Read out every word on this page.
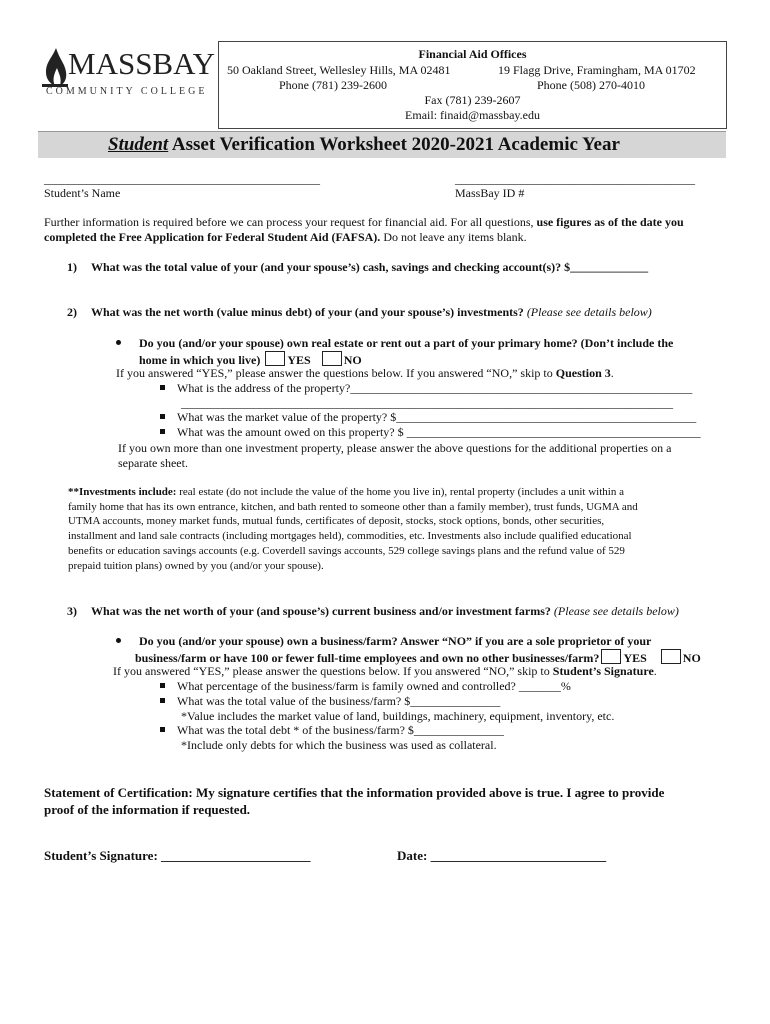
MASSBAY
COMMUNITY COLLEGE
Financial Aid Offices
50 Oakland Street, Wellesley Hills, MA 02481	19 Flagg Drive, Framingham, MA 01702
Phone (781) 239-2600	Phone (508) 270-4010
Fax (781) 239-2607
Email: finaid@massbay.edu
Student Asset Verification Worksheet 2020-2021 Academic Year
______________________________________________
Student’s Name
________________________________________
MassBay ID #
Further information is required before we can process your request for financial aid. For all questions, use figures as of the date you
completed the Free Application for Federal Student Aid (FAFSA). Do not leave any items blank.
1) What was the total value of your (and your spouse’s) cash, savings and checking account(s)? $_____________
2) What was the net worth (value minus debt) of your (and your spouse’s) investments? (Please see details below)
Do you (and/or your spouse) own real estate or rent out a part of your primary home? (Don’t include the
home in which you live) YES	NO
If you answered “YES,” please answer the questions below. If you answered “NO,” skip to Question 3.
What is the address of the property?_________________________________________________________
__________________________________________________________________________________
What was the market value of the property? $__________________________________________________
What was the amount owed on this property? $ _________________________________________________
If you own more than one investment property, please answer the above questions for the additional properties on a
separate sheet.
**Investments include: real estate (do not include the value of the home you live in), rental property (includes a unit within a
family home that has its own entrance, kitchen, and bath rented to someone other than a family member), trust funds, UGMA and
UTMA accounts, money market funds, mutual funds, certificates of deposit, stocks, stock options, bonds, other securities,
installment and land sale contracts (including mortgages held), commodities, etc. Investments also include qualified educational
benefits or education savings accounts (e.g. Coverdell savings accounts, 529 college savings plans and the refund value of 529
prepaid tuition plans) owned by you (and/or your spouse).
3) What was the net worth of your (and spouse’s) current business and/or investment farms? (Please see details below)
Do you (and/or your spouse) own a business/farm? Answer “NO” if you are a sole proprietor of your
business/farm or have 100 or fewer full-time employees and own no other businesses/farm? YES	NO
If you answered “YES,” please answer the questions below. If you answered “NO,” skip to Student’s Signature.
What percentage of the business/farm is family owned and controlled? _______%
What was the total value of the business/farm? $_______________
*Value includes the market value of land, buildings, machinery, equipment, inventory, etc.
What was the total debt * of the business/farm? $_______________
*Include only debts for which the business was used as collateral.
Statement of Certification: My signature certifies that the information provided above is true. I agree to provide
proof of the information if requested.
Student’s Signature: _______________________	Date: ___________________________
